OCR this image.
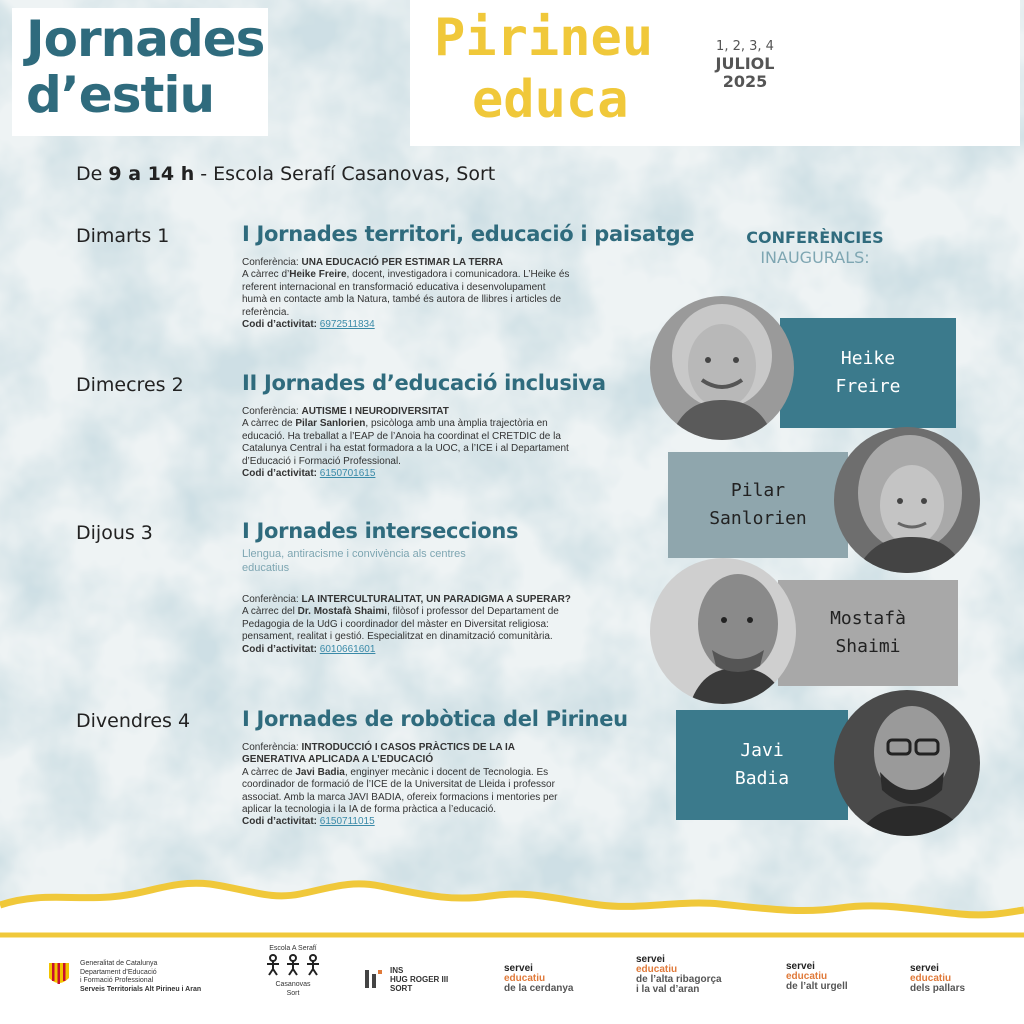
Jornades
d’estiu
Pirineu
educa
1, 2, 3, 4
JULIOL
2025
De 9 a 14 h - Escola Serafí Casanovas, Sort
Dimarts 1	I Jornades territori, educació i paisatge
Conferència: UNA EDUCACIÓ PER ESTIMAR LA TERRA
A càrrec d’Heike Freire, docent, investigadora i comunicadora. L’Heike és referent internacional en transformació educativa i desenvolupament humà en contacte amb la Natura, també és autora de llibres i articles de referència.
Codi d’activitat: 6972511834
Dimecres 2	II Jornades d’educació inclusiva
Conferència: AUTISME I NEURODIVERSITAT
A càrrec de Pilar Sanlorien, psicòloga amb una àmplia trajectòria en educació. Ha treballat a l’EAP de l’Anoia ha coordinat el CRETDIC de la Catalunya Central i ha estat formadora a la UOC, a l’ICE i al Departament d’Educació i Formació Professional.
Codi d’activitat: 6150701615
Dijous 3	I Jornades interseccions
Llengua, antiracisme i convivència als centres educatius
Conferència: LA INTERCULTURALITAT, UN PARADIGMA A SUPERAR?
A càrrec del Dr. Mostafà Shaimi, filòsof i professor del Departament de Pedagogia de la UdG i coordinador del màster en Diversitat religiosa: pensament, realitat i gestió. Especialitzat en dinamització comunitària.
Codi d’activitat: 6010661601
Divendres 4 I Jornades de robòtica del Pirineu
Conferència: INTRODUCCIÓ I CASOS PRÀCTICS DE LA IA GENERATIVA APLICADA A L’EDUCACIÓ
A càrrec de Javi Badia, enginyer mecànic i docent de Tecnologia. Es coordinador de formació de l’ICE de la Universitat de Lleida i professor associat. Amb la marca JAVI BADIA, ofereix formacions i mentories per aplicar la tecnologia i la IA de forma pràctica a l’educació.
Codi d’activitat: 6150711015
CONFERÈNCIES
INAUGURALS:
Heike
Freire
Pilar
Sanlorien
Mostafà
Shaimi
Javi
Badia
Generalitat de Catalunya
Departament d’Educació
i Formació Professional
Serveis Territorials Alt Pirineu i Aran
Escola A Serafí
Casanovas
Sort
INS
HUG ROGER III
SORT
servei
educatiu
de la cerdanya
servei
educatiu
de l’alta ribagorça
i la val d’aran
servei
educatiu
de l’alt urgell
servei
educatiu
dels pallars
